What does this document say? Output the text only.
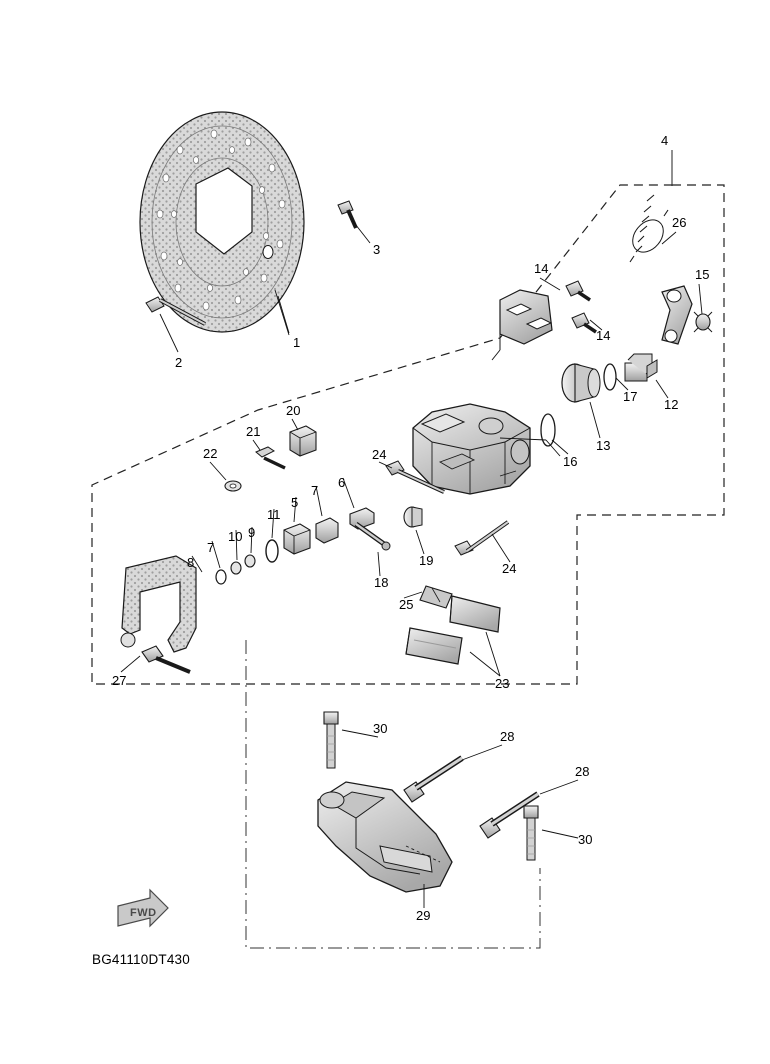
1
2
3
4
5
6
7
7
8
9
10
11
12
13
14
14
15
16
17
18
19
20
21
22
23
24
24
25
26
27
28
28
29
30
30
FWD
BG41110DT430
